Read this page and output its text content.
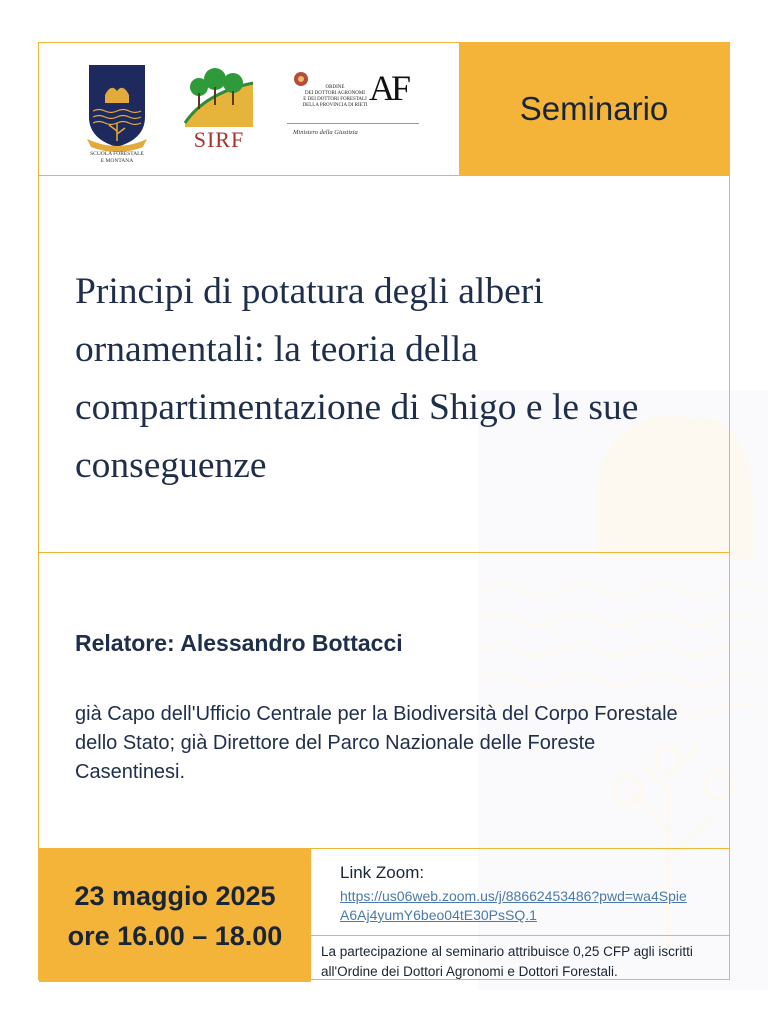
SCUOLA FORESTALE
E MONTANA
SIRF
ORDINE
DEI DOTTORI AGRONOMI
E DEI DOTTORI FORESTALI
DELLA PROVINCIA DI RIETI AF
Ministero della Giustizia
Seminario
Principi di potatura degli alberi ornamentali: la teoria della compartimentazione di Shigo e le sue conseguenze
Relatore: Alessandro Bottacci
già Capo dell'Ufficio Centrale per la Biodiversità del Corpo Forestale dello Stato; già Direttore del Parco Nazionale delle Foreste Casentinesi.
23 maggio 2025
ore 16.00 – 18.00
Link Zoom:
https://us06web.zoom.us/j/88662453486?pwd=wa4SpieA6Aj4yumY6beo04tE30PsSQ.1
La partecipazione al seminario attribuisce 0,25 CFP agli iscritti all'Ordine dei Dottori Agronomi e Dottori Forestali.
